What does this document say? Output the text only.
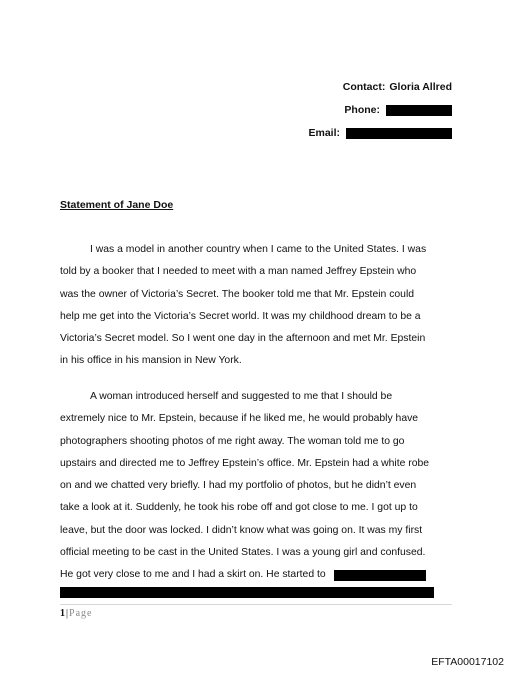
Contact: Gloria Allred
Phone:
Email:
Statement of Jane Doe
I was a model in another country when I came to the United States. I was
told by a booker that I needed to meet with a man named Jeffrey Epstein who
was the owner of Victoria’s Secret. The booker told me that Mr. Epstein could
help me get into the Victoria’s Secret world. It was my childhood dream to be a
Victoria’s Secret model. So I went one day in the afternoon and met Mr. Epstein
in his office in his mansion in New York.
A woman introduced herself and suggested to me that I should be
extremely nice to Mr. Epstein, because if he liked me, he would probably have
photographers shooting photos of me right away. The woman told me to go
upstairs and directed me to Jeffrey Epstein’s office. Mr. Epstein had a white robe
on and we chatted very briefly. I had my portfolio of photos, but he didn’t even
take a look at it. Suddenly, he took his robe off and got close to me. I got up to
leave, but the door was locked. I didn’t know what was going on. It was my first
official meeting to be cast in the United States. I was a young girl and confused.
He got very close to me and I had a skirt on. He started to
1|Page
EFTA00017102
